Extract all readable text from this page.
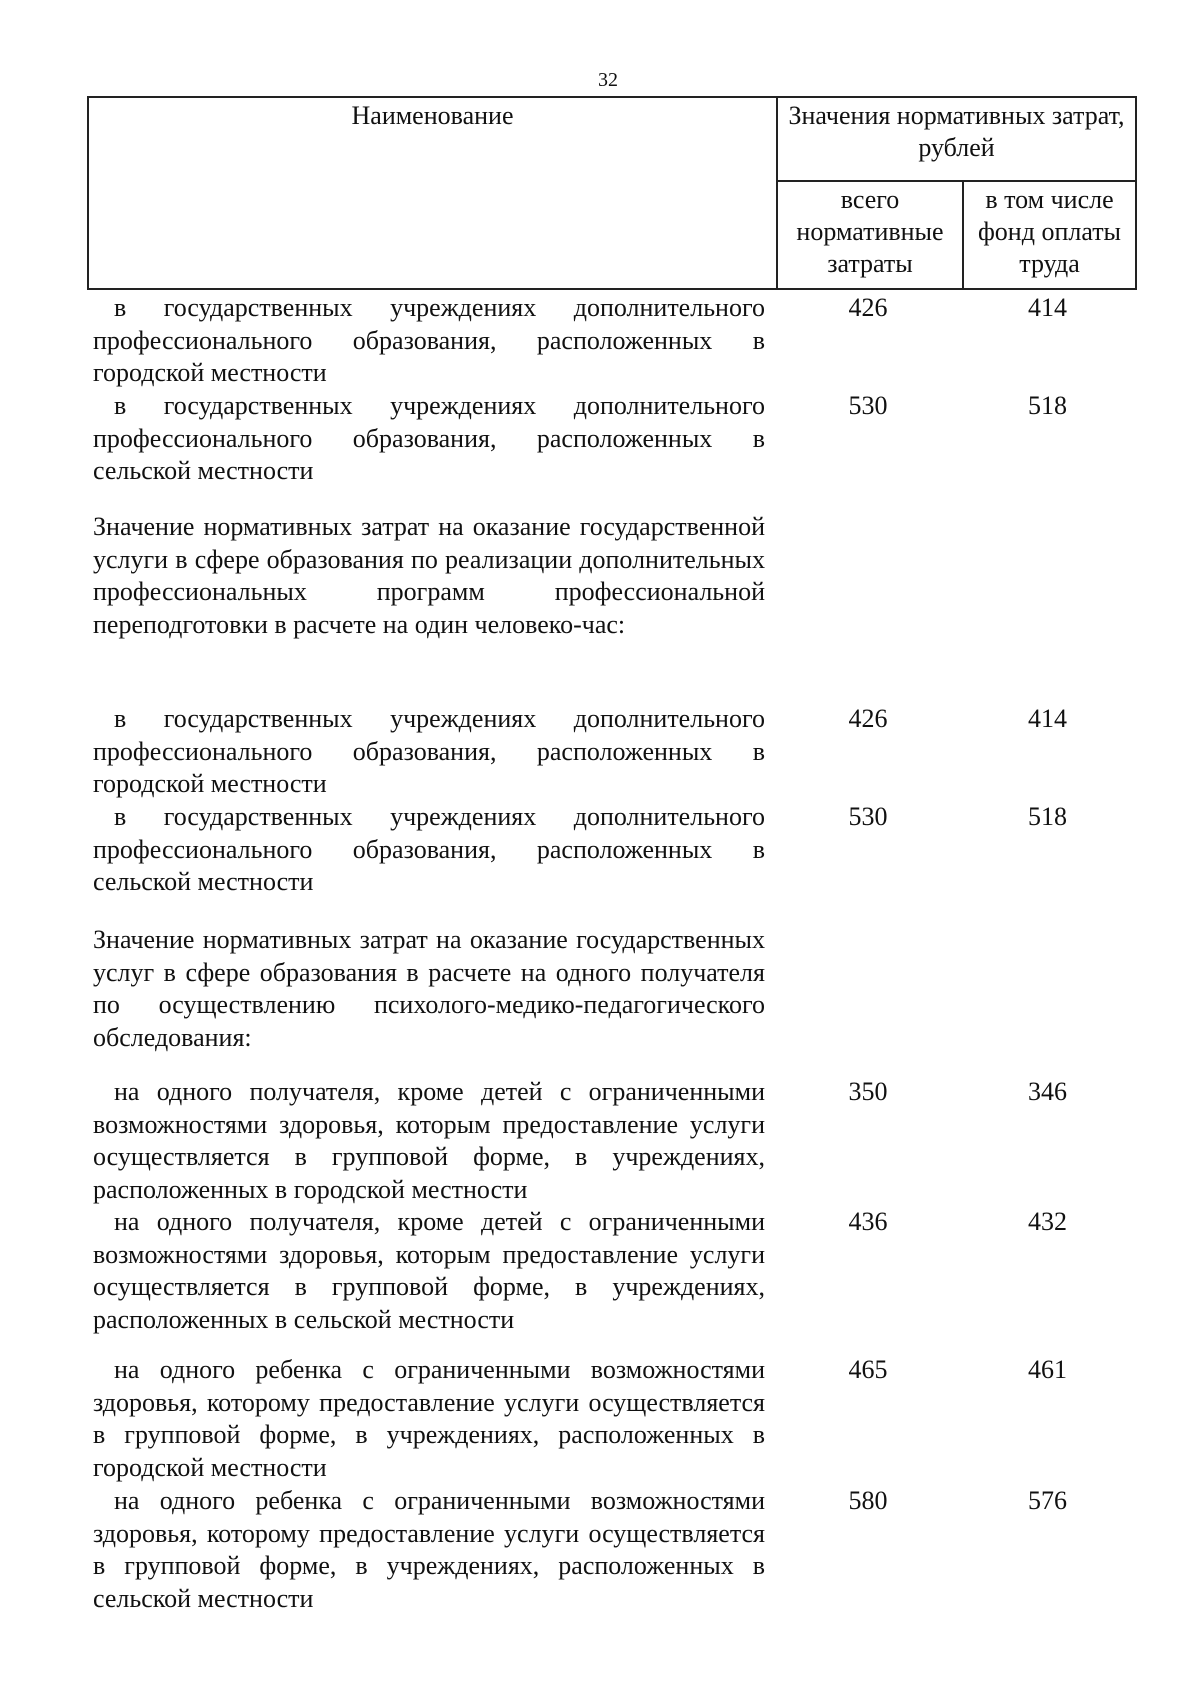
32
Наименование	Значения нормативных затрат, рублей
всего нормативные затраты
в том числе фонд оплаты труда
в государственных учреждениях дополнительного профессионального образования, расположенных в городской местности
426	414
в государственных учреждениях дополнительного профессионального образования, расположенных в сельской местности
530	518
Значение нормативных затрат на оказание государственной услуги в сфере образования по реализации дополнительных профессиональных программ профессиональной переподготовки в расчете на один человеко-час:
в государственных учреждениях дополнительного профессионального образования, расположенных в городской местности
426	414
в государственных учреждениях дополнительного профессионального образования, расположенных в сельской местности
530	518
Значение нормативных затрат на оказание государственных услуг в сфере образования в расчете на одного получателя по осуществлению психолого-медико-педагогического обследования:
на одного получателя, кроме детей с ограниченными возможностями здоровья, которым предоставление услуги осуществляется в групповой форме, в учреждениях, расположенных в городской местности
350	346
на одного получателя, кроме детей с ограниченными возможностями здоровья, которым предоставление услуги осуществляется в групповой форме, в учреждениях, расположенных в сельской местности
436	432
на одного ребенка с ограниченными возможностями здоровья, которому предоставление услуги осуществляется в групповой форме, в учреждениях, расположенных в городской местности
465	461
на одного ребенка с ограниченными возможностями здоровья, которому предоставление услуги осуществляется в групповой форме, в учреждениях, расположенных в сельской местности
580	576
